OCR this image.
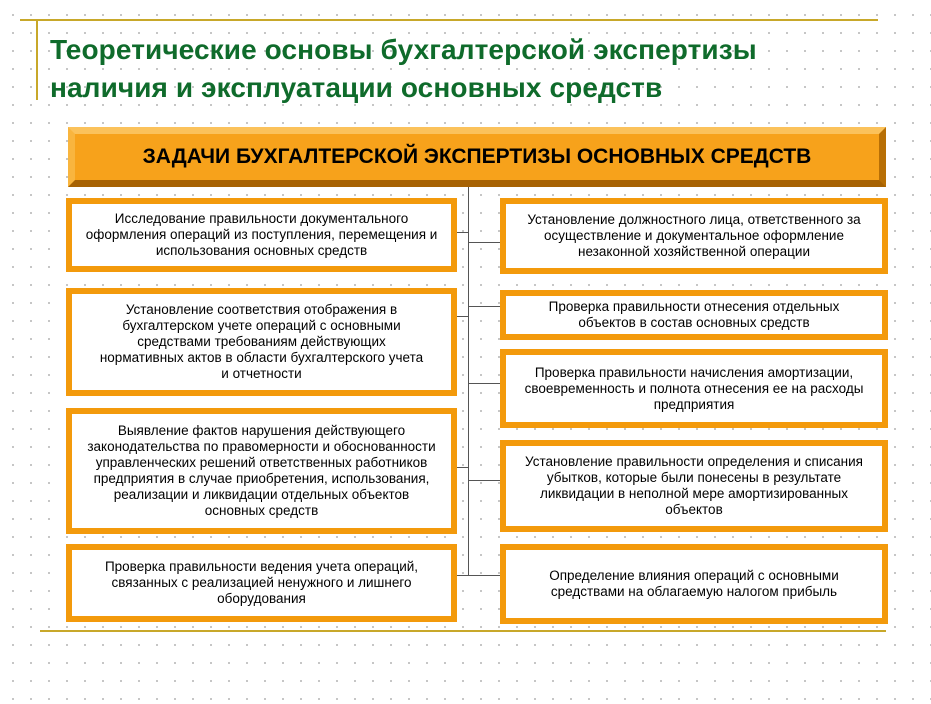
Теоретические основы бухгалтерской экспертизы
наличия и эксплуатации основных средств
ЗАДАЧИ БУХГАЛТЕРСКОЙ ЭКСПЕРТИЗЫ ОСНОВНЫХ СРЕДСТВ
Исследование правильности документального оформления операций из поступления, перемещения и использования основных средств
Установление соответствия отображения в бухгалтерском учете операций с основными средствами требованиям действующих нормативных актов в области бухгалтерского учета и отчетности
Выявление фактов нарушения действующего законодательства по правомерности и обоснованности управленческих решений ответственных работников предприятия в случае приобретения, использования, реализации и ликвидации отдельных объектов основных средств
Проверка правильности ведения учета операций, связанных с реализацией ненужного и лишнего оборудования
Установление должностного лица, ответственного за осуществление и документальное оформление незаконной хозяйственной операции
Проверка правильности отнесения отдельных объектов в состав основных средств
Проверка правильности начисления амортизации, своевременность и полнота отнесения ее на расходы предприятия
Установление правильности определения и списания убытков, которые были понесены в результате ликвидации в неполной мере амортизированных объектов
Определение влияния операций с основными средствами на облагаемую налогом прибыль
